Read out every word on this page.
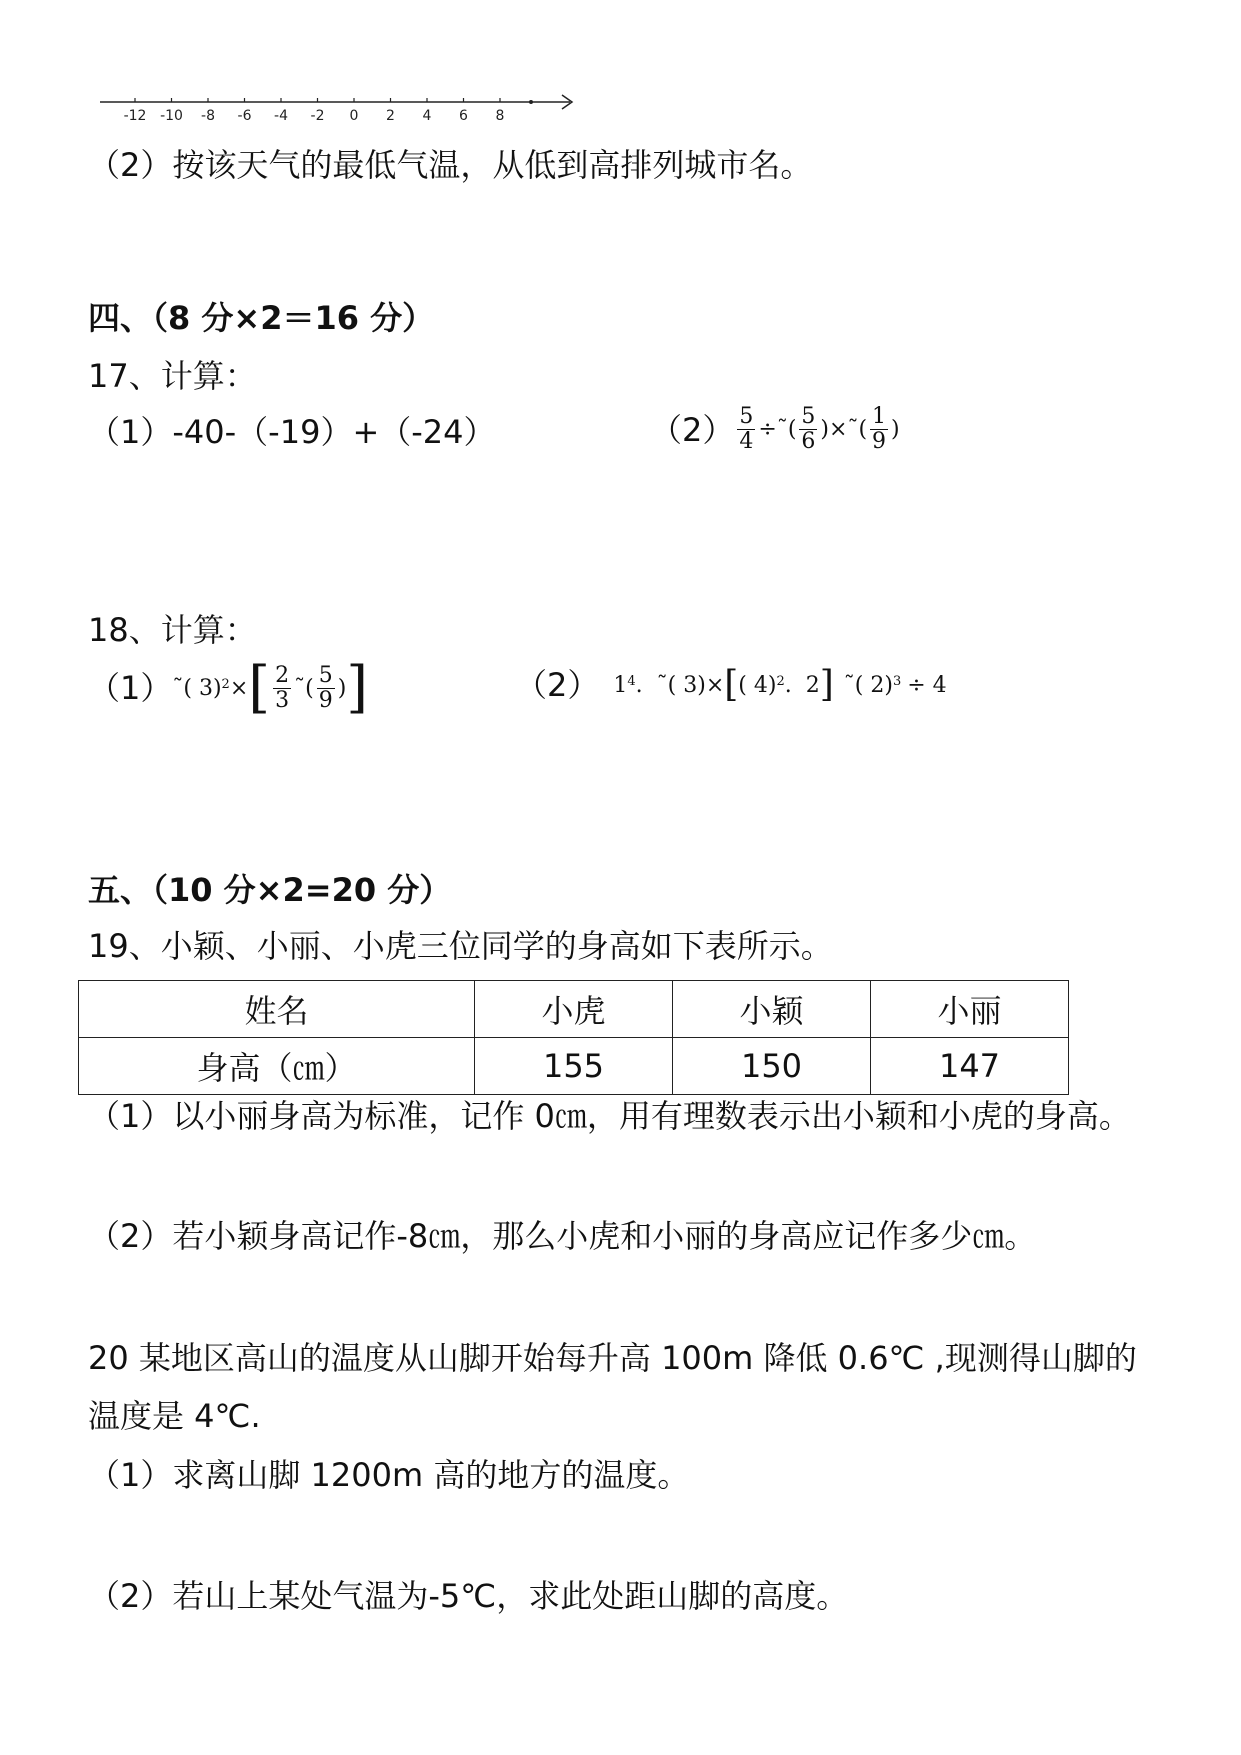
-12 -10 -8 -6 -4 -2 0 2 4 6 8
（2）按该天气的最低气温，从低到高排列城市名。
四、（8 分×2＝16 分）
17、计算：
（1）-40-（-19）+（-24）	$(2) \frac{5}{4}$ ÷ ˜ ( $\frac{5}{6}$ ) × ˜ ( $\frac{1}{9}$ )
18、计算：
（1） ˜ ( 3) 2 × [ $\frac{2}{3}$ ˜ ( $\frac{5}{9}$ ) ]	（2） 1 4 . ˜ ( 3)× [ ( 4) 2 . 2 ] ˜ ( 2) 3 ÷ 4
五、（10 分×2=20 分）
19、小颖、小丽、小虎三位同学的身高如下表所示。
姓名	小虎	小颖	小丽
身高（㎝）	155	150	147
（1）以小丽身高为标准，记作 0㎝，用有理数表示出小颖和小虎的身高。
（2）若小颖身高记作-8㎝，那么小虎和小丽的身高应记作多少㎝。
20 某地区高山的温度从山脚开始每升高 100m 降低 0.6℃ ,现测得山脚的
温度是 4℃.
（1）求离山脚 1200m 高的地方的温度。
（2）若山上某处气温为-5℃，求此处距山脚的高度。
